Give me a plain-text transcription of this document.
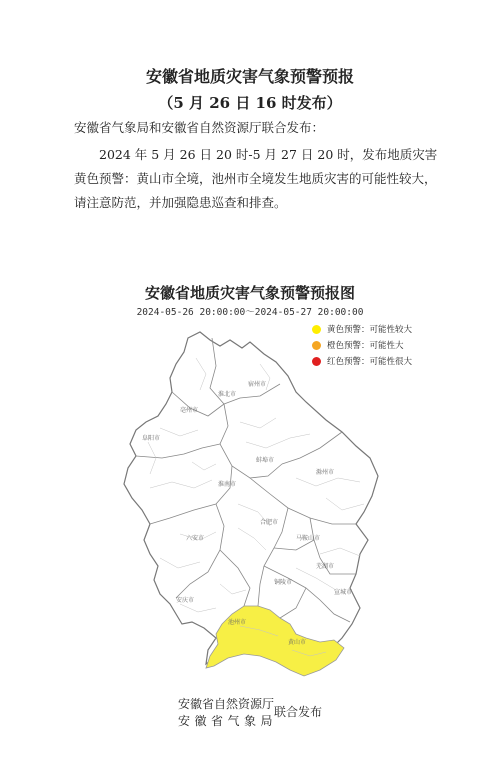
安徽省地质灾害气象预警预报
（5 月 26 日 16 时发布）
安徽省气象局和安徽省自然资源厅联合发布：
2024 年 5 月 26 日 20 时-5 月 27 日 20 时，发布地质灾害黄色预警：黄山市全境，池州市全境发生地质灾害的可能性较大，请注意防范，并加强隐患巡查和排查。
安徽省地质灾害气象预警预报图
2024-05-26 20:00:00～2024-05-27 20:00:00
宿州市
淮北市
亳州市
蚌埠市
阜阳市
淮南市
滁州市
合肥市
马鞍山市
六安市
芜湖市
铜陵市
宣城市
安庆市
池州市
黄山市
黄色预警：可能性较大
橙色预警：可能性大
红色预警：可能性很大
安徽省自然资源厅
安徽省气象局
联合发布
